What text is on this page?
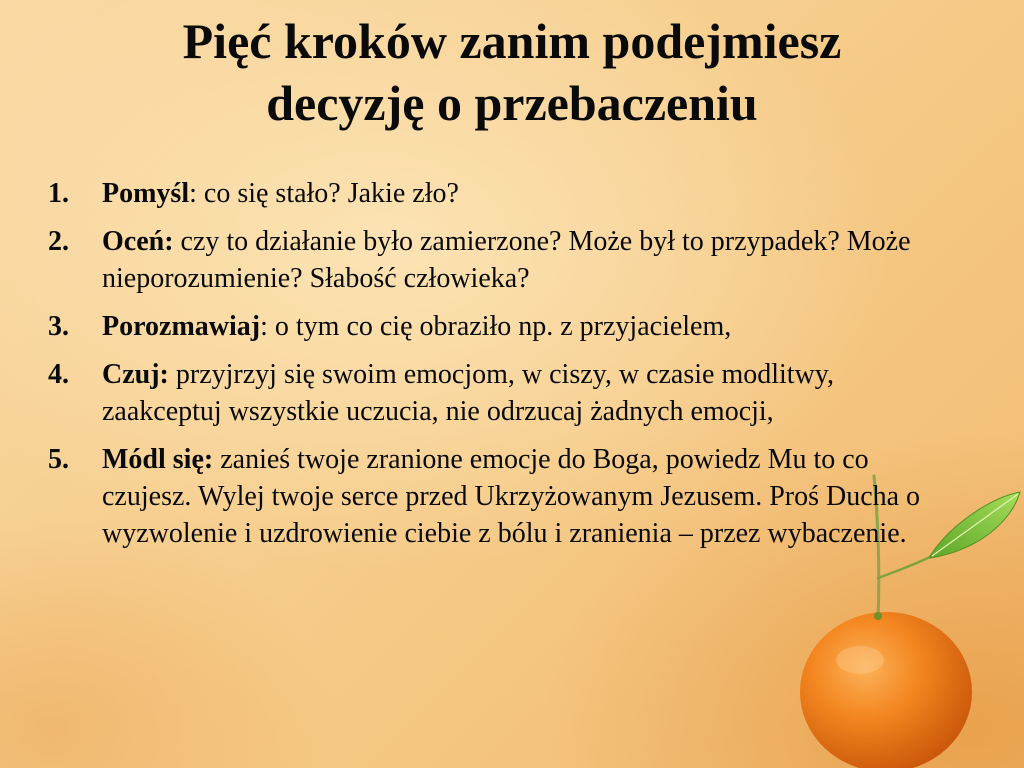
Pięć kroków zanim podejmiesz
decyzję o przebaczeniu
1. Pomyśl: co się stało? Jakie zło?
2. Oceń: czy to działanie było zamierzone? Może był to przypadek? Może nieporozumienie? Słabość człowieka?
3. Porozmawiaj: o tym co cię obraziło np. z przyjacielem,
4. Czuj: przyjrzyj się swoim emocjom, w ciszy, w czasie modlitwy, zaakceptuj wszystkie uczucia, nie odrzucaj żadnych emocji,
5. Módl się: zanieś twoje zranione emocje do Boga, powiedz Mu to co czujesz. Wylej twoje serce przed Ukrzyżowanym Jezusem. Proś Ducha o wyzwolenie i uzdrowienie ciebie z bólu i zranienia – przez wybaczenie.
